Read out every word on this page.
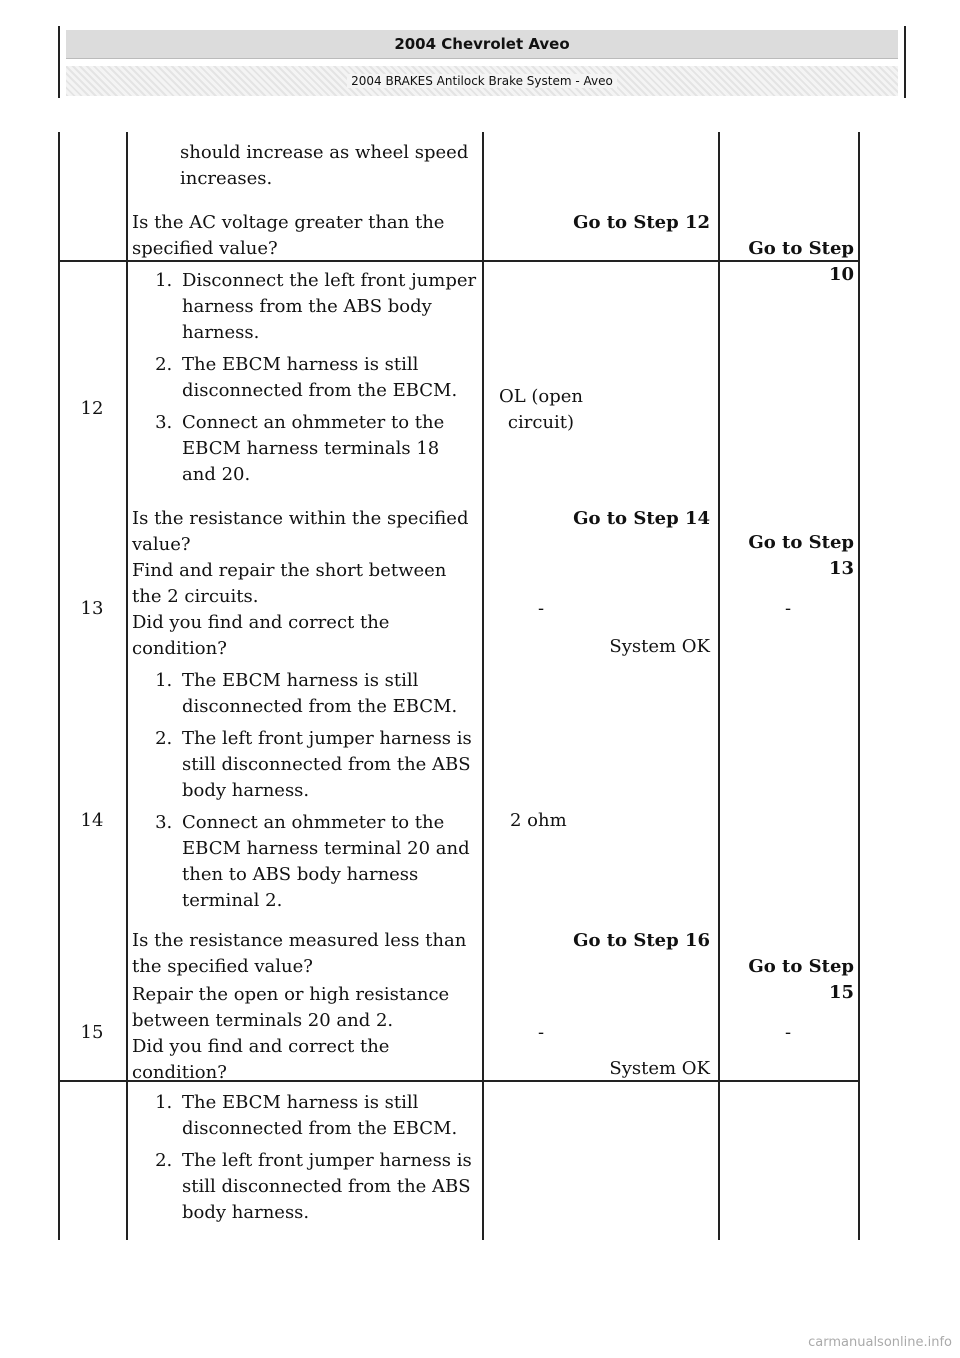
2004 Chevrolet Aveo
2004 BRAKES Antilock Brake System - Aveo
should increase as wheel speed increases.
Is the AC voltage greater than the specified value?
Go to Step 12
Go to Step 10
12
1. Disconnect the left front jumper harness from the ABS body harness.
2. The EBCM harness is still disconnected from the EBCM.
3. Connect an ohmmeter to the EBCM harness terminals 18 and 20.
OL (open circuit)
Is the resistance within the specified value?
Go to Step 14
Go to Step 13
13
Find and repair the short between the 2 circuits.
Did you find and correct the condition?
-
System OK
-
14
1. The EBCM harness is still disconnected from the EBCM.
2. The left front jumper harness is still disconnected from the ABS body harness.
3. Connect an ohmmeter to the EBCM harness terminal 20 and then to ABS body harness terminal 2.
2 ohm
Is the resistance measured less than the specified value?
Go to Step 16
Go to Step 15
15
Repair the open or high resistance between terminals 20 and 2.
Did you find and correct the condition?
-
System OK
-
1. The EBCM harness is still disconnected from the EBCM.
2. The left front jumper harness is still disconnected from the ABS body harness.
carmanualsonline.info
